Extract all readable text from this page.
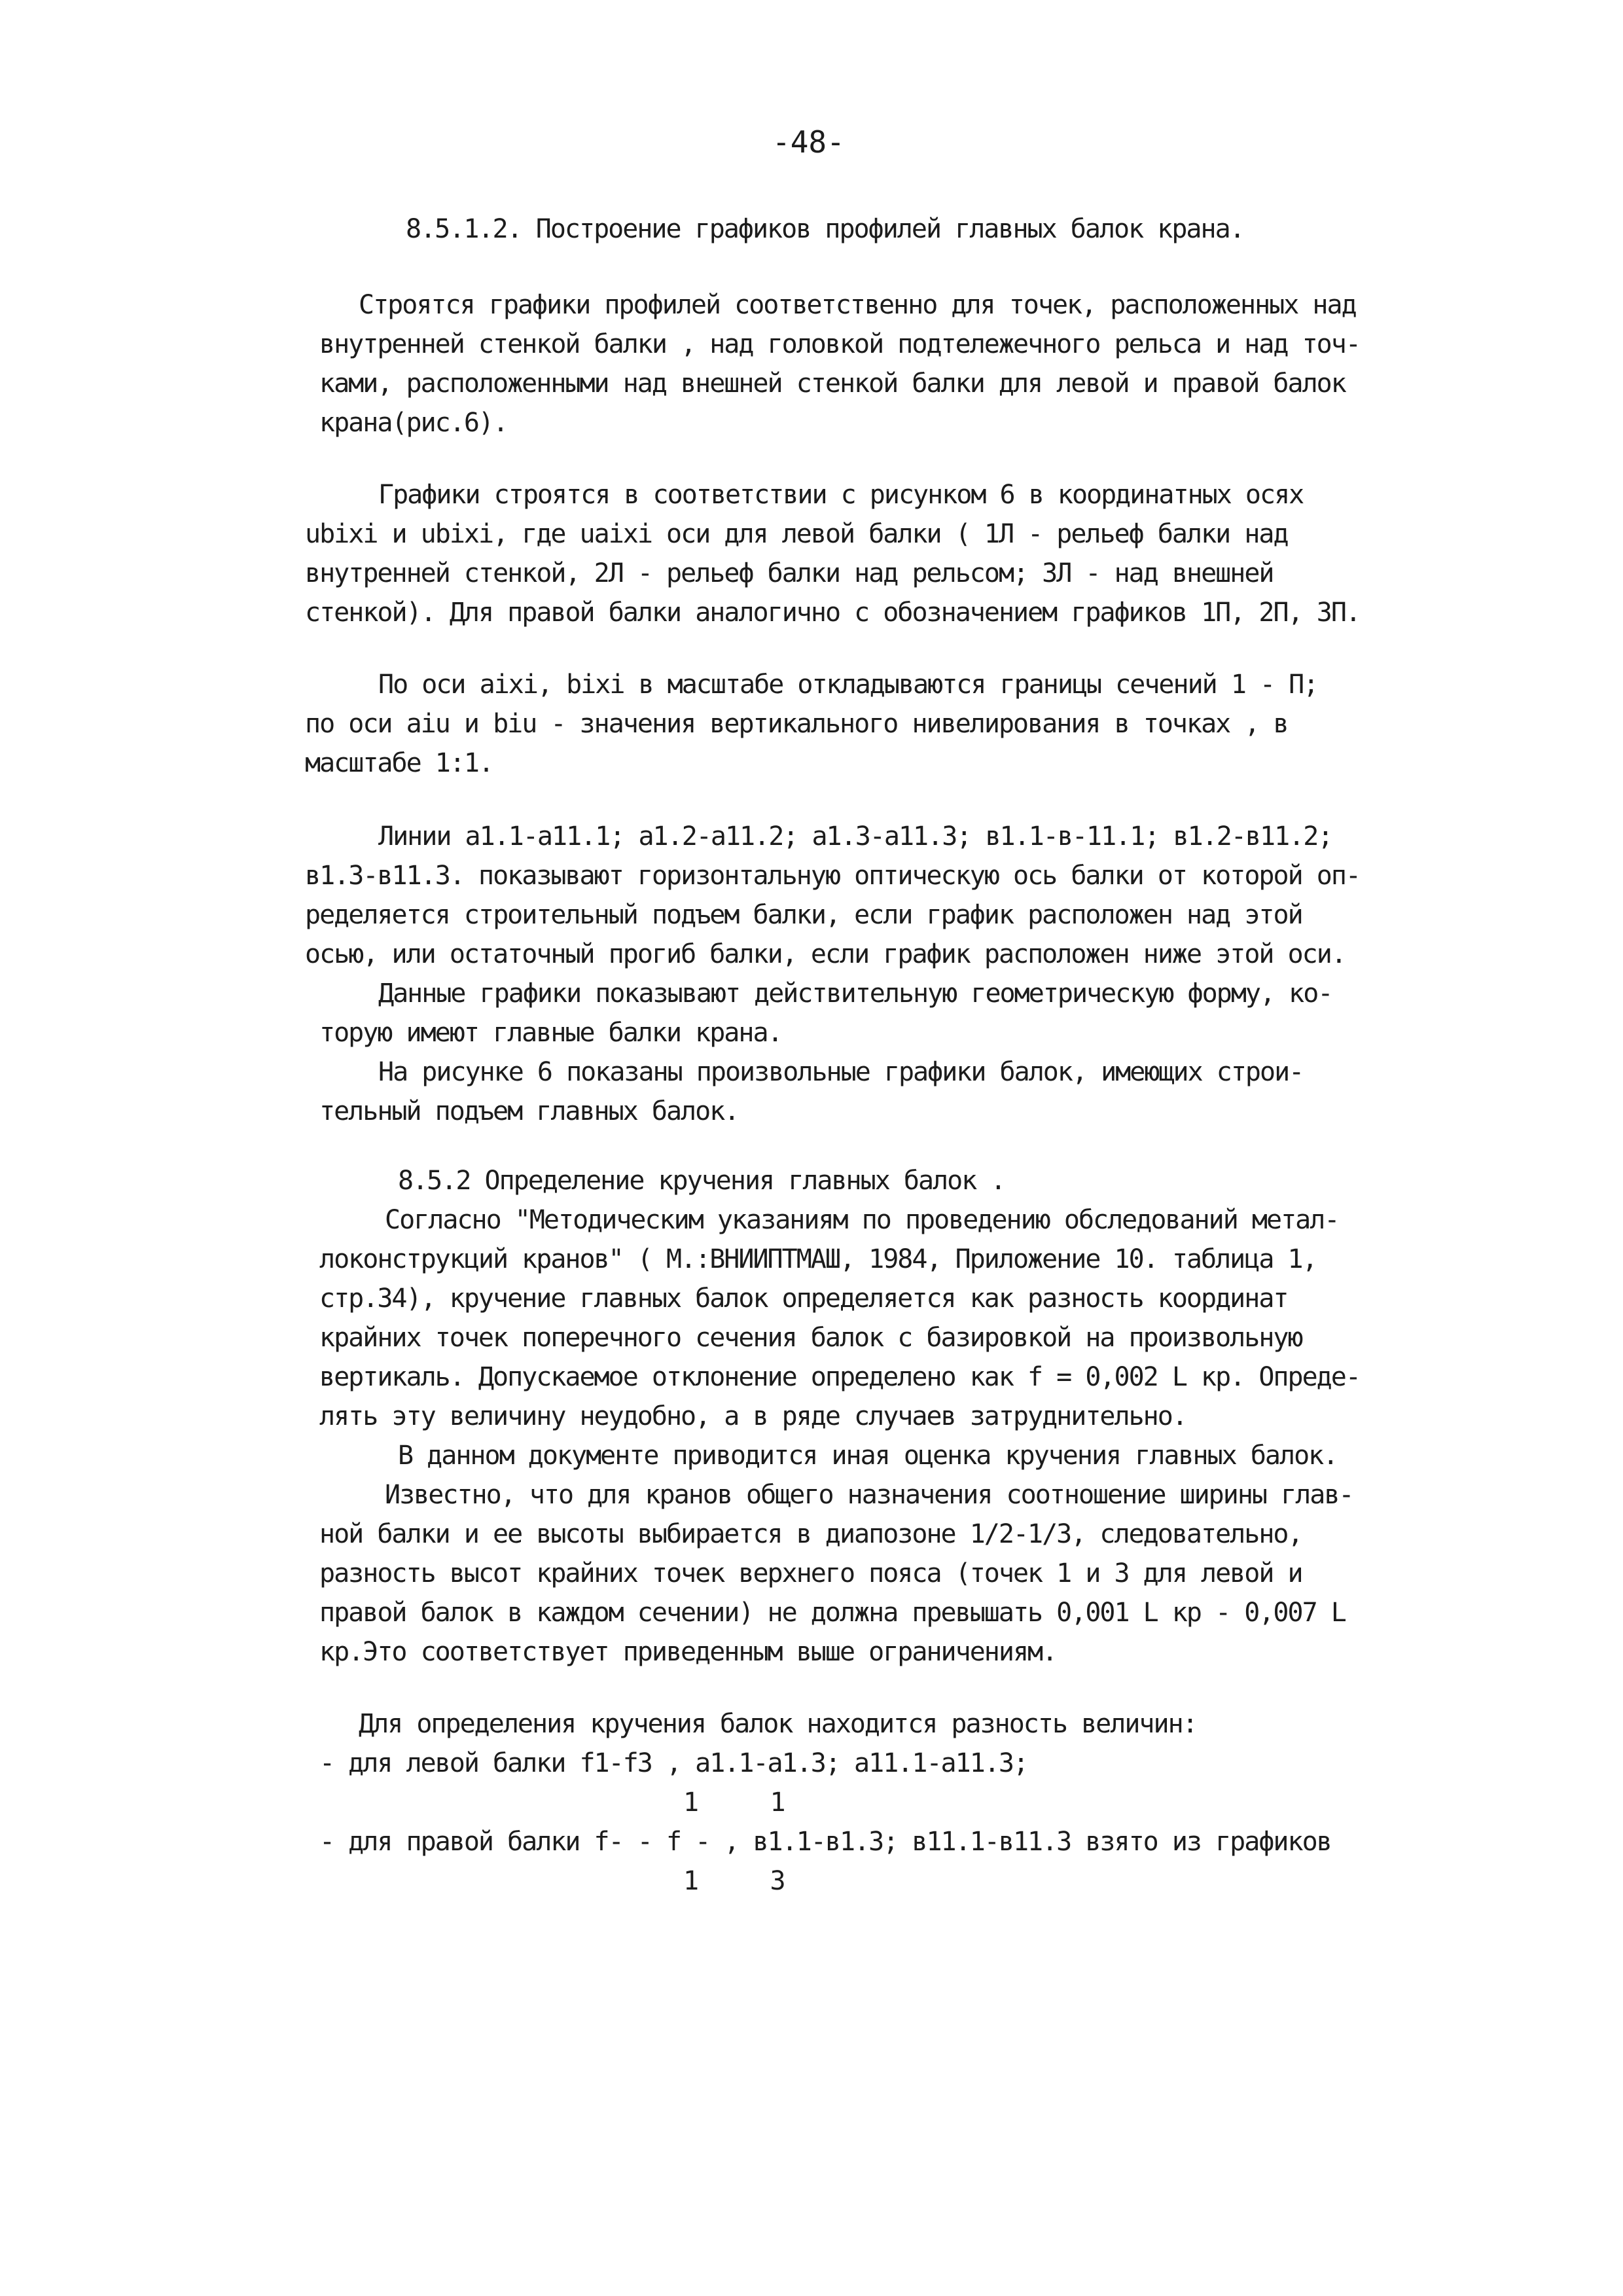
-48-
8.5.1.2. Построение графиков профилей главных балок крана.
Строятся графики профилей соответственно для точек, расположенных над
внутренней стенкой балки , над головкой подтележечного рельса и над точ-
ками, расположенными над внешней стенкой балки для левой и правой балок
крана(рис.6).
Графики строятся в соответствии с рисунком 6 в координатных осях
ubixi и ubixi, где uaixi оси для левой балки ( 1Л - рельеф балки над
внутренней стенкой, 2Л - рельеф балки над рельсом; 3Л - над внешней
стенкой). Для правой балки аналогично с обозначением графиков 1П, 2П, 3П.
По оси aixi, bixi в масштабе откладываются границы сечений 1 - П;
по оси aiu и biu - значения вертикального нивелирования в точках , в
масштабе 1:1.
Линии a1.1-a11.1; a1.2-a11.2; a1.3-a11.3; в1.1-в-11.1; в1.2-в11.2;
в1.3-в11.3. показывают горизонтальную оптическую ось балки от которой оп-
ределяется строительный подъем балки, если график расположен над этой
осью, или остаточный прогиб балки, если график расположен ниже этой оси.
Данные графики показывают действительную геометрическую форму, ко-
торую имеют главные балки крана.
На рисунке 6 показаны произвольные графики балок, имеющих строи-
тельный подъем главных балок.
8.5.2 Определение кручения главных балок .
Согласно "Методическим указаниям по проведению обследований метал-
локонструкций кранов" ( М.:ВНИИПТМАШ, 1984, Приложение 10. таблица 1,
стр.34), кручение главных балок определяется как разность координат
крайних точек поперечного сечения балок с базировкой на произвольную
вертикаль. Допускаемое отклонение определено как f = 0,002 L кр. Опреде-
лять эту величину неудобно, а в ряде случаев затруднительно.
В данном документе приводится иная оценка кручения главных балок.
Известно, что для кранов общего назначения соотношение ширины глав-
ной балки и ее высоты выбирается в диапозоне 1/2-1/3, следовательно,
разность высот крайних точек верхнего пояса (точек 1 и 3 для левой и
правой балок в каждом сечении) не должна превышать 0,001 L кр - 0,007 L
кр.Это соответствует приведенным выше ограничениям.
Для определения кручения балок находится разность величин:
- для левой балки f1-f3 , a1.1-a1.3; a11.1-a11.3;
1     1
- для правой балки f- - f - , в1.1-в1.3; в11.1-в11.3 взято из графиков
1     3
